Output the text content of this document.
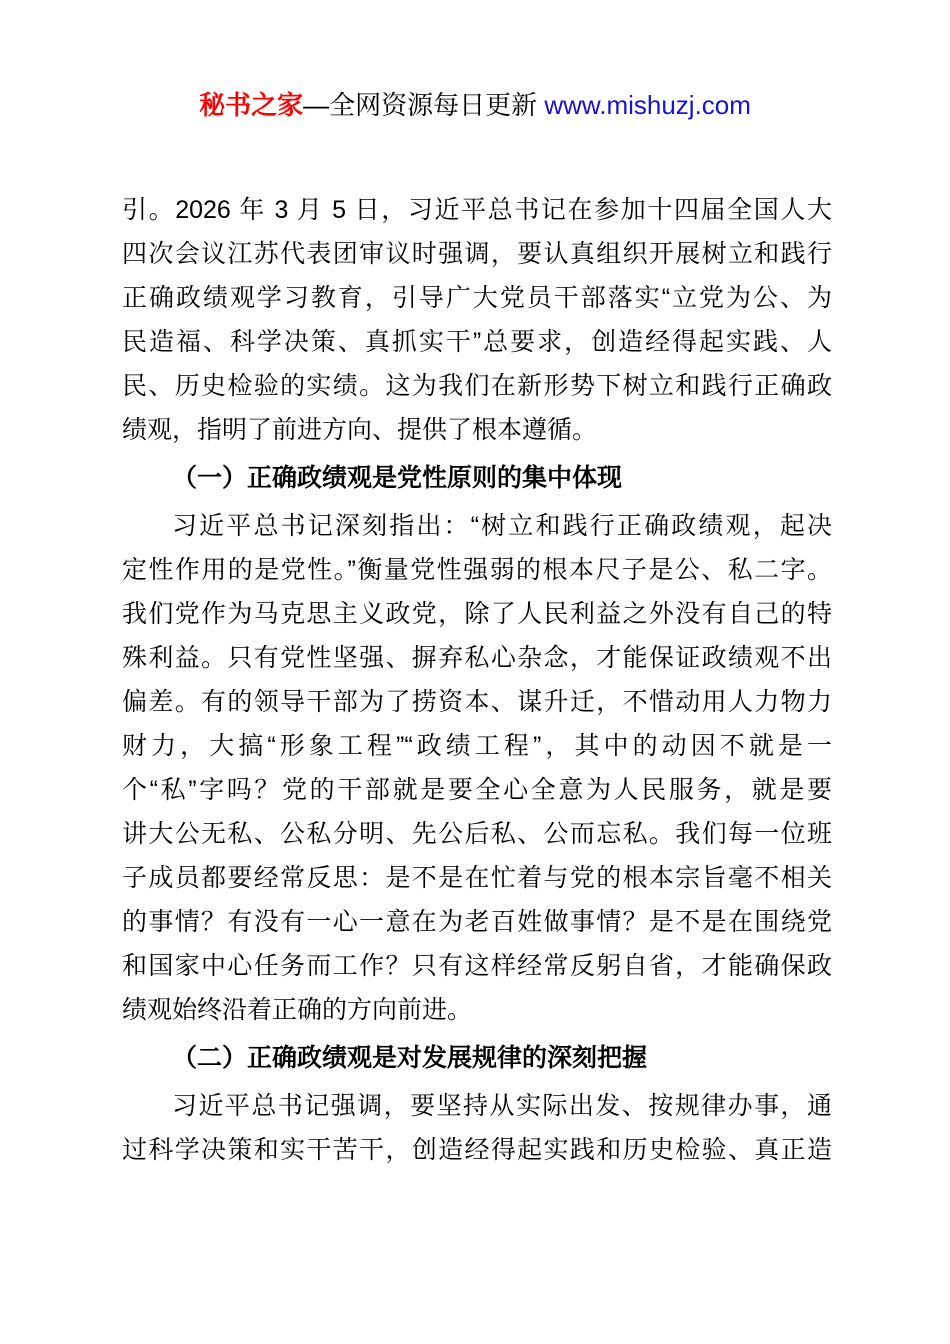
秘书之家—全网资源每日更新 www.mishuzj.com
引。2026 年 3 月 5 日，习近平总书记在参加十四届全国人大
四次会议江苏代表团审议时强调，要认真组织开展树立和践行
正确政绩观学习教育，引导广大党员干部落实“立党为公、为
民造福、科学决策、真抓实干”总要求，创造经得起实践、人
民、历史检验的实绩。这为我们在新形势下树立和践行正确政
绩观，指明了前进方向、提供了根本遵循。
（一）正确政绩观是党性原则的集中体现
习近平总书记深刻指出：“树立和践行正确政绩观，起决
定性作用的是党性。”衡量党性强弱的根本尺子是公、私二字。
我们党作为马克思主义政党，除了人民利益之外没有自己的特
殊利益。只有党性坚强、摒弃私心杂念，才能保证政绩观不出
偏差。有的领导干部为了捞资本、谋升迁，不惜动用人力物力
财力，大搞“形象工程”“政绩工程”，其中的动因不就是一
个“私”字吗？党的干部就是要全心全意为人民服务，就是要
讲大公无私、公私分明、先公后私、公而忘私。我们每一位班
子成员都要经常反思：是不是在忙着与党的根本宗旨毫不相关
的事情？有没有一心一意在为老百姓做事情？是不是在围绕党
和国家中心任务而工作？只有这样经常反躬自省，才能确保政
绩观始终沿着正确的方向前进。
（二）正确政绩观是对发展规律的深刻把握
习近平总书记强调，要坚持从实际出发、按规律办事，通
过科学决策和实干苦干，创造经得起实践和历史检验、真正造
